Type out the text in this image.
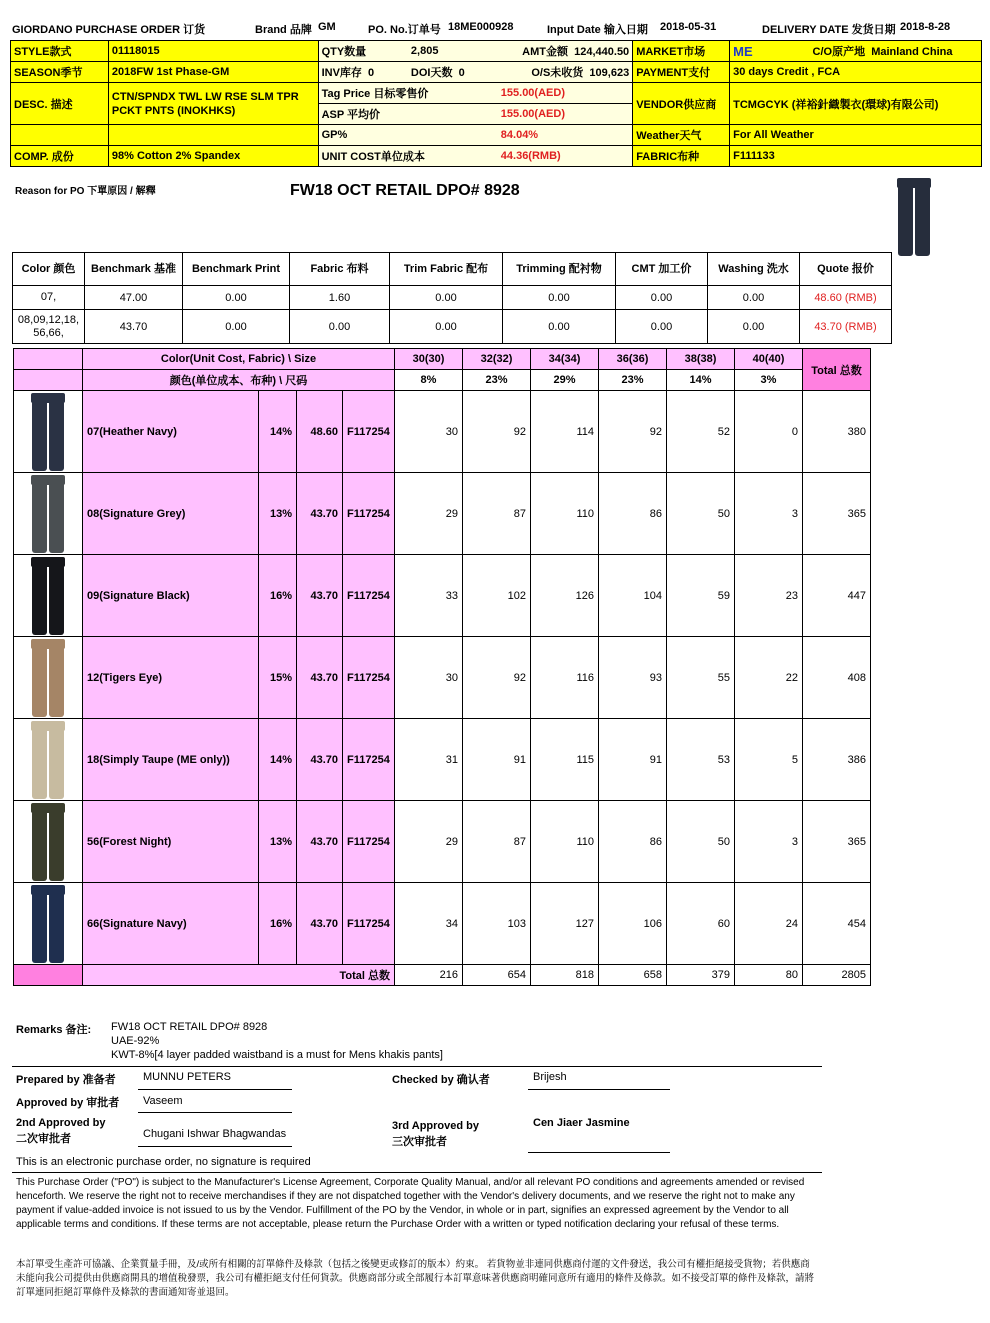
GIORDANO PURCHASE ORDER 订货	Brand 品牌 GM	PO. No.订单号 18ME000928	Input Date 输入日期 2018-05-31	DELIVERY DATE 发货日期 2018-8-28
STYLE款式	01118015	QTY数量	2,805	AMT金额 124,440.50	MARKET市场	ME	C/O原产地 Mainland China
SEASON季节	2018FW 1st Phase-GM	INV库存 0	DOI天数 0	O/S未收货 109,623	PAYMENT支付	30 days Credit , FCA	
DESC. 描述	CTN/SPNDX TWL LW RSE SLM TPR PCKT PNTS (INOKHKS)	Tag Price 目标零售价		155.00(AED)	VENDOR供应商	TCMGCYK (祥裕針織製衣(環球)有限公司)	
		ASP 平均价		155.00(AED)			
		GP%		84.04%	Weather天气	For All Weather	
COMP. 成份	98% Cotton 2% Spandex	UNIT COST单位成本		44.36(RMB)	FABRIC布种	F111133	
Reason for PO 下單原因 / 解釋	FW18 OCT RETAIL DPO# 8928
Color 颜色	Benchmark 基准	Benchmark Print	Fabric 布料	Trim Fabric 配布	Trimming 配衬物	CMT 加工价	Washing 洗水	Quote 报价
07,	47.00	0.00	1.60	0.00	0.00	0.00	0.00	48.60 (RMB)
08,09,12,18, 56,66,	43.70	0.00	0.00	0.00	0.00	0.00	0.00	43.70 (RMB)
	Color(Unit Cost, Fabric) \ Size				30(30)	32(32)	34(34)	36(36)	38(38)	40(40)	Total 总数
	颜色(单位成本、布种) \ 尺码				8%	23%	29%	23%	14%	3%	

	07(Heather Navy)	14%	48.60	F117254	30	92	114	92	52	0	380

	08(Signature Grey)	13%	43.70	F117254	29	87	110	86	50	3	365

	09(Signature Black)	16%	43.70	F117254	33	102	126	104	59	23	447

	12(Tigers Eye)	15%	43.70	F117254	30	92	116	93	55	22	408

	18(Simply Taupe (ME only))	14%	43.70	F117254	31	91	115	91	53	5	386

	56(Forest Night)	13%	43.70	F117254	29	87	110	86	50	3	365

	66(Signature Navy)	16%	43.70	F117254	34	103	127	106	60	24	454
	Total 总数				216	654	818	658	379	80	2805
Remarks 备注: FW18 OCT RETAIL DPO# 8928
UAE-92%
KWT-8%[4 layer padded waistband is a must for Mens khakis pants]
Prepared by 准备者 MUNNU PETERS	Checked by 确认者	Brijesh
Approved by 审批者 Vaseem
2nd Approved by
二次审批者	Chugani Ishwar Bhagwandas
3rd Approved by
三次审批者
Cen Jiaer Jasmine
This is an electronic purchase order, no signature is required
This Purchase Order ("PO") is subject to the Manufacturer's License Agreement, Corporate Quality Manual, and/or all relevant PO conditions and agreements amended or revised henceforth. We reserve the right not to receive merchandises if they are not dispatched together with the Vendor's delivery documents, and we reserve the right not to make any payment if value-added invoice is not issued to us by the Vendor. Fulfillment of the PO by the Vendor, in whole or in part, signifies an expressed agreement by the Vendor to all applicable terms and conditions. If these terms are not acceptable, please return the Purchase Order with a written or typed notification declaring your refusal of these terms.
本訂單受生產許可協議、企業質量手冊，及/或所有相關的訂單條件及條款（包括之後變更或修訂的版本）約束。 若貨物並非連同供應商付運的文件發送，我公司有權拒絕接受貨物；若供應商未能向我公司提供由供應商開具的增值稅發票，我公司有權拒絕支付任何貨款。供應商部分或全部履行本訂單意味著供應商明確同意所有適用的條件及條款。如不接受訂單的條件及條款，請將訂單連同拒絕訂單條件及條款的書面通知寄並退回。
